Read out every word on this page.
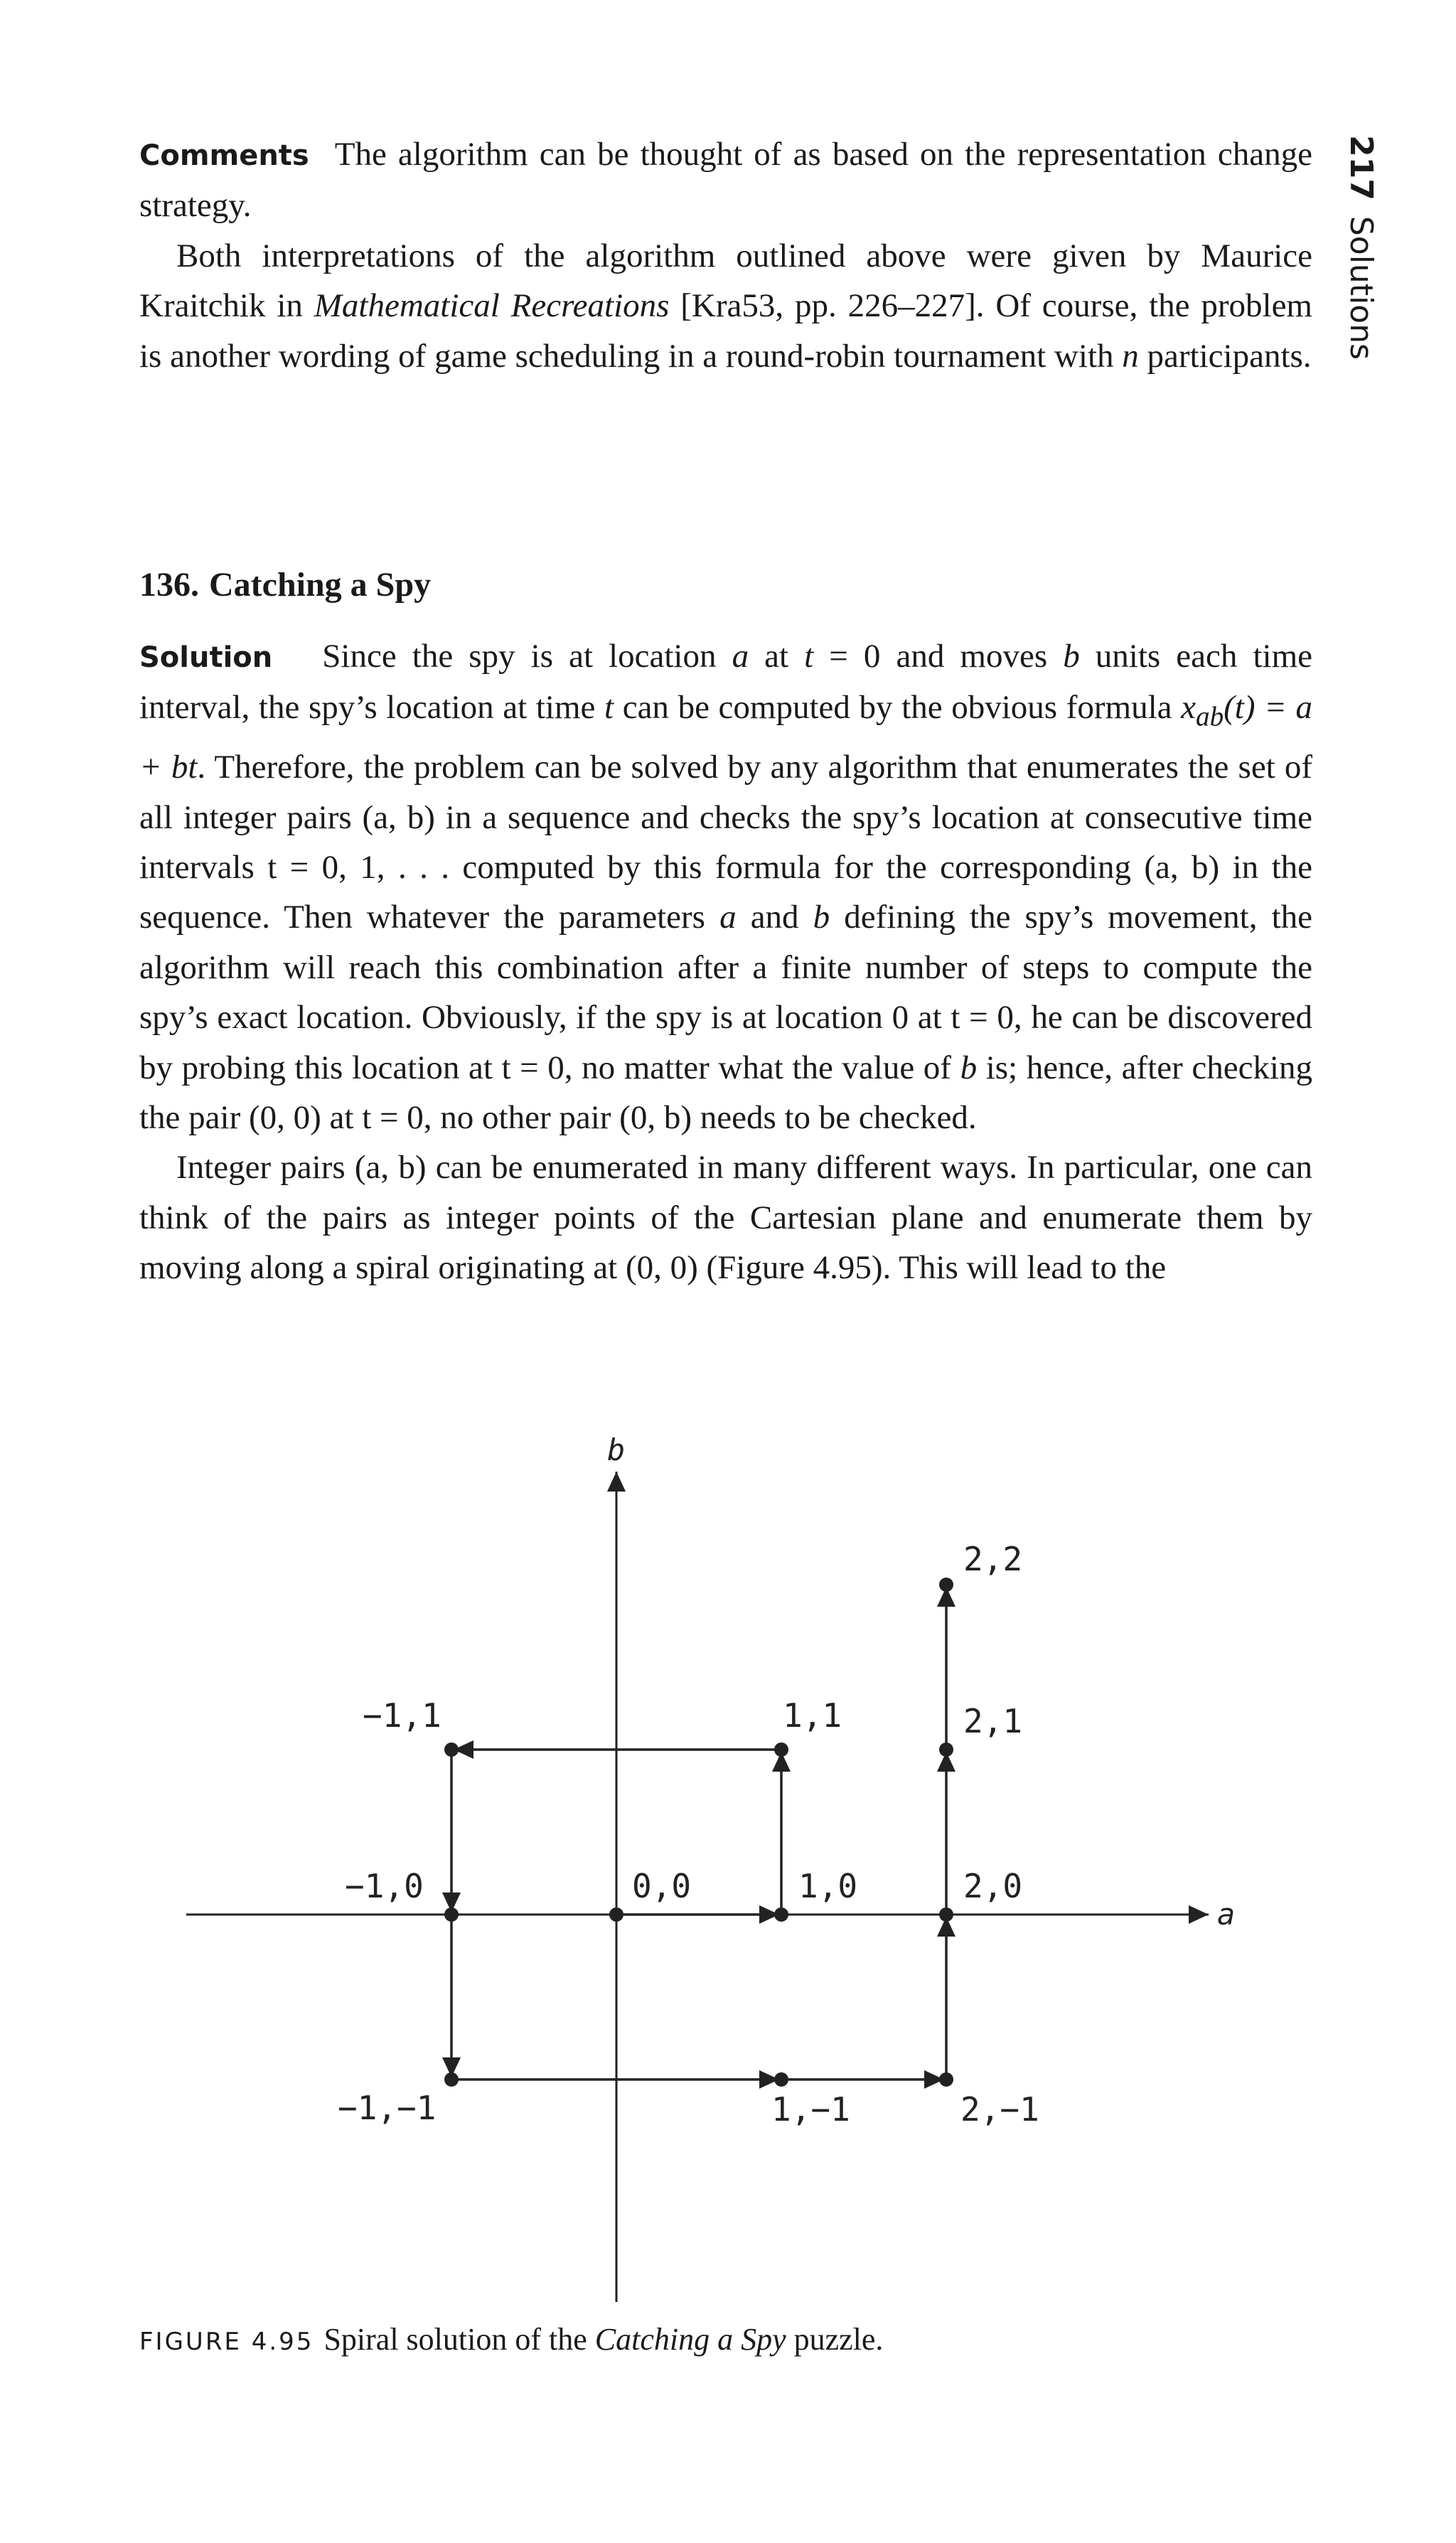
217Solutions

Comments The algorithm can be thought of as based on the representation change strategy.

Both interpretations of the algorithm outlined above were given by Maurice Kraitchik in Mathematical Recreations [Kra53, pp. 226–227]. Of course, the problem is another wording of game scheduling in a round-robin tournament with n participants.

136. Catching a Spy

Solution Since the spy is at location a at t = 0 and moves b units each time interval, the spy’s location at time t can be computed by the obvious formula $x_{ab}(t) = a$ + bt. Therefore, the problem can be solved by any algorithm that enumerates the set of all integer pairs (a, b) in a sequence and checks the spy’s location at consecutive time intervals t = 0, 1, . . . computed by this formula for the corresponding (a, b) in the sequence. Then whatever the parameters a and b defining the spy’s movement, the algorithm will reach this combination after a finite number of steps to compute the spy’s exact location. Obviously, if the spy is at location 0 at t = 0, he can be discovered by probing this location at t = 0, no matter what the value of b is; hence, after checking the pair (0, 0) at t = 0, no other pair (0, b) needs to be checked.

Integer pairs (a, b) can be enumerated in many different ways. In particular, one can think of the pairs as integer points of the Cartesian plane and enumerate them by moving along a spiral originating at (0, 0) (Figure 4.95). This will lead to the

0,0	1,0
1,1
−1,1
−1,0
−1,−1	1,−1	2,−1
2,0
2,1
2,2
a
b

FIGURE 4.95 Spiral solution of the Catching a Spy puzzle.
